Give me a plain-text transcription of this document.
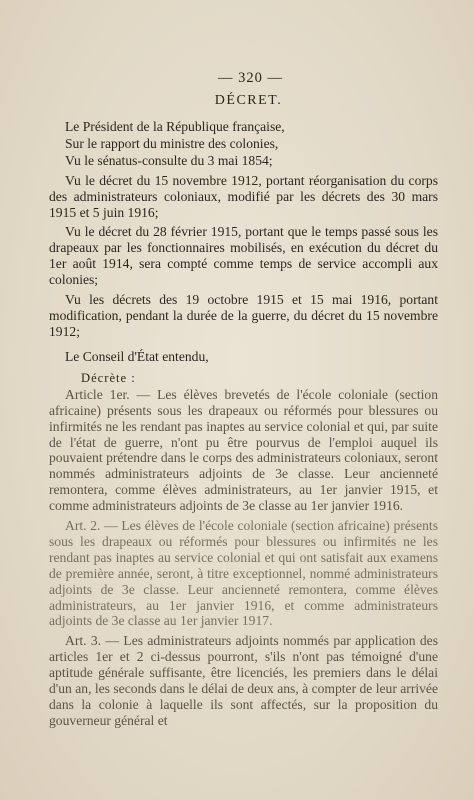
— 320 —

DÉCRET.

Le Président de la République française,

Sur le rapport du ministre des colonies,

Vu le sénatus-consulte du 3 mai 1854;

Vu le décret du 15 novembre 1912, portant réorganisation du corps des administrateurs coloniaux, modifié par les décrets des 30 mars 1915 et 5 juin 1916;

Vu le décret du 28 février 1915, portant que le temps passé sous les drapeaux par les fonctionnaires mobilisés, en exécution du décret du 1er août 1914, sera compté comme temps de service accompli aux colonies;

Vu les décrets des 19 octobre 1915 et 15 mai 1916, portant modification, pendant la durée de la guerre, du décret du 15 novembre 1912;

Le Conseil d'État entendu,

Décrète :

Article 1er. — Les élèves brevetés de l'école coloniale (section africaine) présents sous les drapeaux ou réformés pour blessures ou infirmités ne les rendant pas inaptes au service colonial et qui, par suite de l'état de guerre, n'ont pu être pourvus de l'emploi auquel ils pouvaient prétendre dans le corps des administrateurs coloniaux, seront nommés administrateurs adjoints de 3e classe. Leur ancienneté remontera, comme élèves administrateurs, au 1er janvier 1915, et comme administrateurs adjoints de 3e classe au 1er janvier 1916.

Art. 2. — Les élèves de l'école coloniale (section africaine) présents sous les drapeaux ou réformés pour blessures ou infirmités ne les rendant pas inaptes au service colonial et qui ont satisfait aux examens de première année, seront, à titre exceptionnel, nommé administrateurs adjoints de 3e classe. Leur ancienneté remontera, comme élèves administrateurs, au 1er janvier 1916, et comme administrateurs adjoints de 3e classe au 1er janvier 1917.

Art. 3. — Les administrateurs adjoints nommés par application des articles 1er et 2 ci-dessus pourront, s'ils n'ont pas témoigné d'une aptitude générale suffisante, être licenciés, les premiers dans le délai d'un an, les seconds dans le délai de deux ans, à compter de leur arrivée dans la colonie à laquelle ils sont affectés, sur la proposition du gouverneur général et
